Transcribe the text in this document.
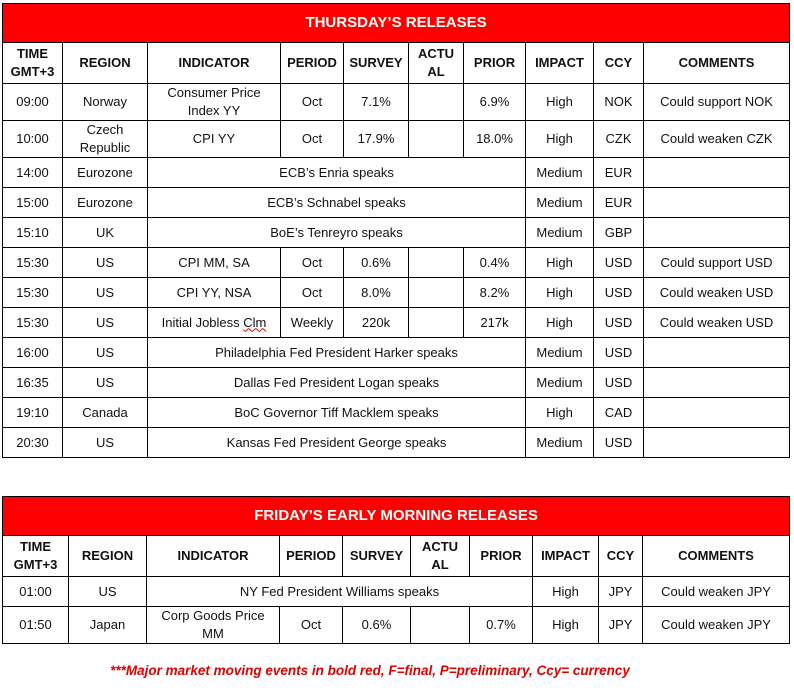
THURSDAY’S RELEASES									
TIME GMT+3	REGION	INDICATOR	PERIOD	SURVEY	ACTU AL	PRIOR	IMPACT	CCY	COMMENTS
09:00	Norway	Consumer Price Index YY	Oct	7.1%		6.9%	High	NOK	Could support NOK
10:00	Czech Republic	CPI YY	Oct	17.9%		18.0%	High	CZK	Could weaken CZK
14:00	Eurozone	ECB’s Enria speaks					Medium	EUR	
15:00	Eurozone	ECB’s Schnabel speaks					Medium	EUR	
15:10	UK	BoE’s Tenreyro speaks					Medium	GBP	
15:30	US	CPI MM, SA	Oct	0.6%		0.4%	High	USD	Could support USD
15:30	US	CPI YY, NSA	Oct	8.0%		8.2%	High	USD	Could weaken USD
15:30	US	Initial Jobless Clm	Weekly	220k		217k	High	USD	Could weaken USD
16:00	US	Philadelphia Fed President Harker speaks					Medium	USD	
16:35	US	Dallas Fed President Logan speaks					Medium	USD	
19:10	Canada	BoC Governor Tiff Macklem speaks					High	CAD	
20:30	US	Kansas Fed President George speaks					Medium	USD	
FRIDAY’S EARLY MORNING RELEASES									
TIME GMT+3	REGION	INDICATOR	PERIOD	SURVEY	ACTU AL	PRIOR	IMPACT	CCY	COMMENTS
01:00	US	NY Fed President Williams speaks					High	JPY	Could weaken JPY
01:50	Japan	Corp Goods Price MM	Oct	0.6%		0.7%	High	JPY	Could weaken JPY
***Major market moving events in bold red, F=final, P=preliminary, Ccy= currency
